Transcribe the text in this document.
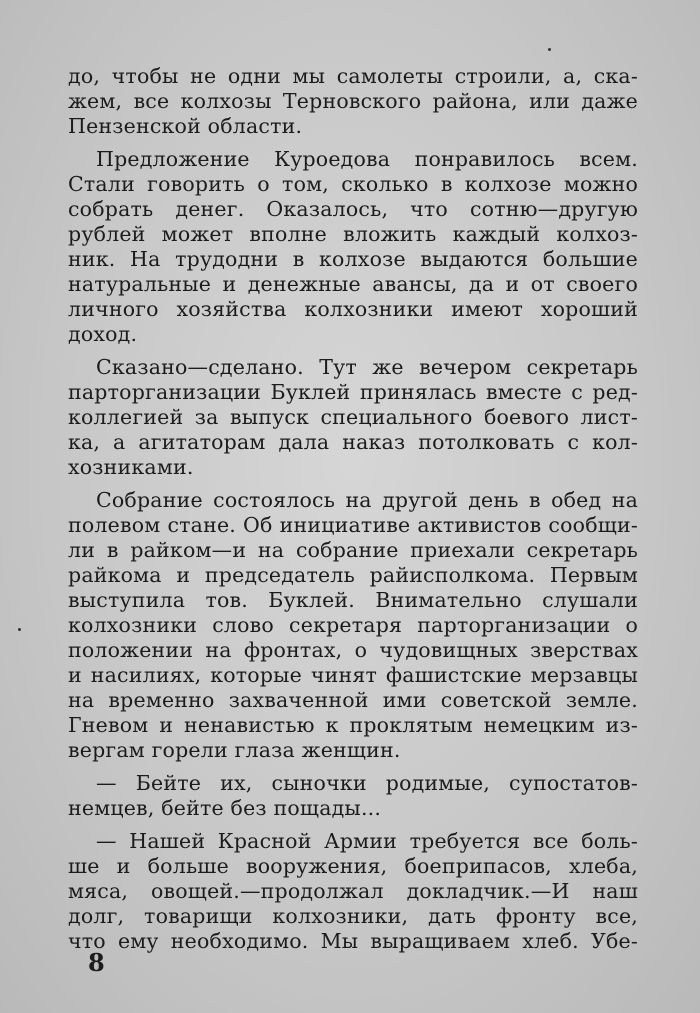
до, чтобы не одни мы самолеты строили, а, ска-
жем, все колхозы Терновского района, или даже
Пензенской области.
Предложение Куроедова понравилось всем.
Стали говорить о том, сколько в колхозе можно
собрать денег. Оказалось, что сотню—другую
рублей может вполне вложить каждый колхоз-
ник. На трудодни в колхозе выдаются большие
натуральные и денежные авансы, да и от своего
личного хозяйства колхозники имеют хороший
доход.
Сказано—сделано. Тут же вечером секретарь
парторганизации Буклей принялась вместе с ред-
коллегией за выпуск специального боевого лист-
ка, а агитаторам дала наказ потолковать с кол-
хозниками.
Собрание состоялось на другой день в обед на
полевом стане. Об инициативе активистов сообщи-
ли в райком—и на собрание приехали секретарь
райкома и председатель райисполкома. Первым
выступила тов. Буклей. Внимательно слушали
колхозники слово секретаря парторганизации о
положении на фронтах, о чудовищных зверствах
и насилиях, которые чинят фашистские мерзавцы
на временно захваченной ими советской земле.
Гневом и ненавистью к проклятым немецким из-
вергам горели глаза женщин.
— Бейте их, сыночки родимые, супостатов-
немцев, бейте без пощады...
— Нашей Красной Армии требуется все боль-
ше и больше вооружения, боеприпасов, хлеба,
мяса, овощей.—продолжал докладчик.—И наш
долг, товарищи колхозники, дать фронту все,
что ему необходимо. Мы выращиваем хлеб. Убе-
8
